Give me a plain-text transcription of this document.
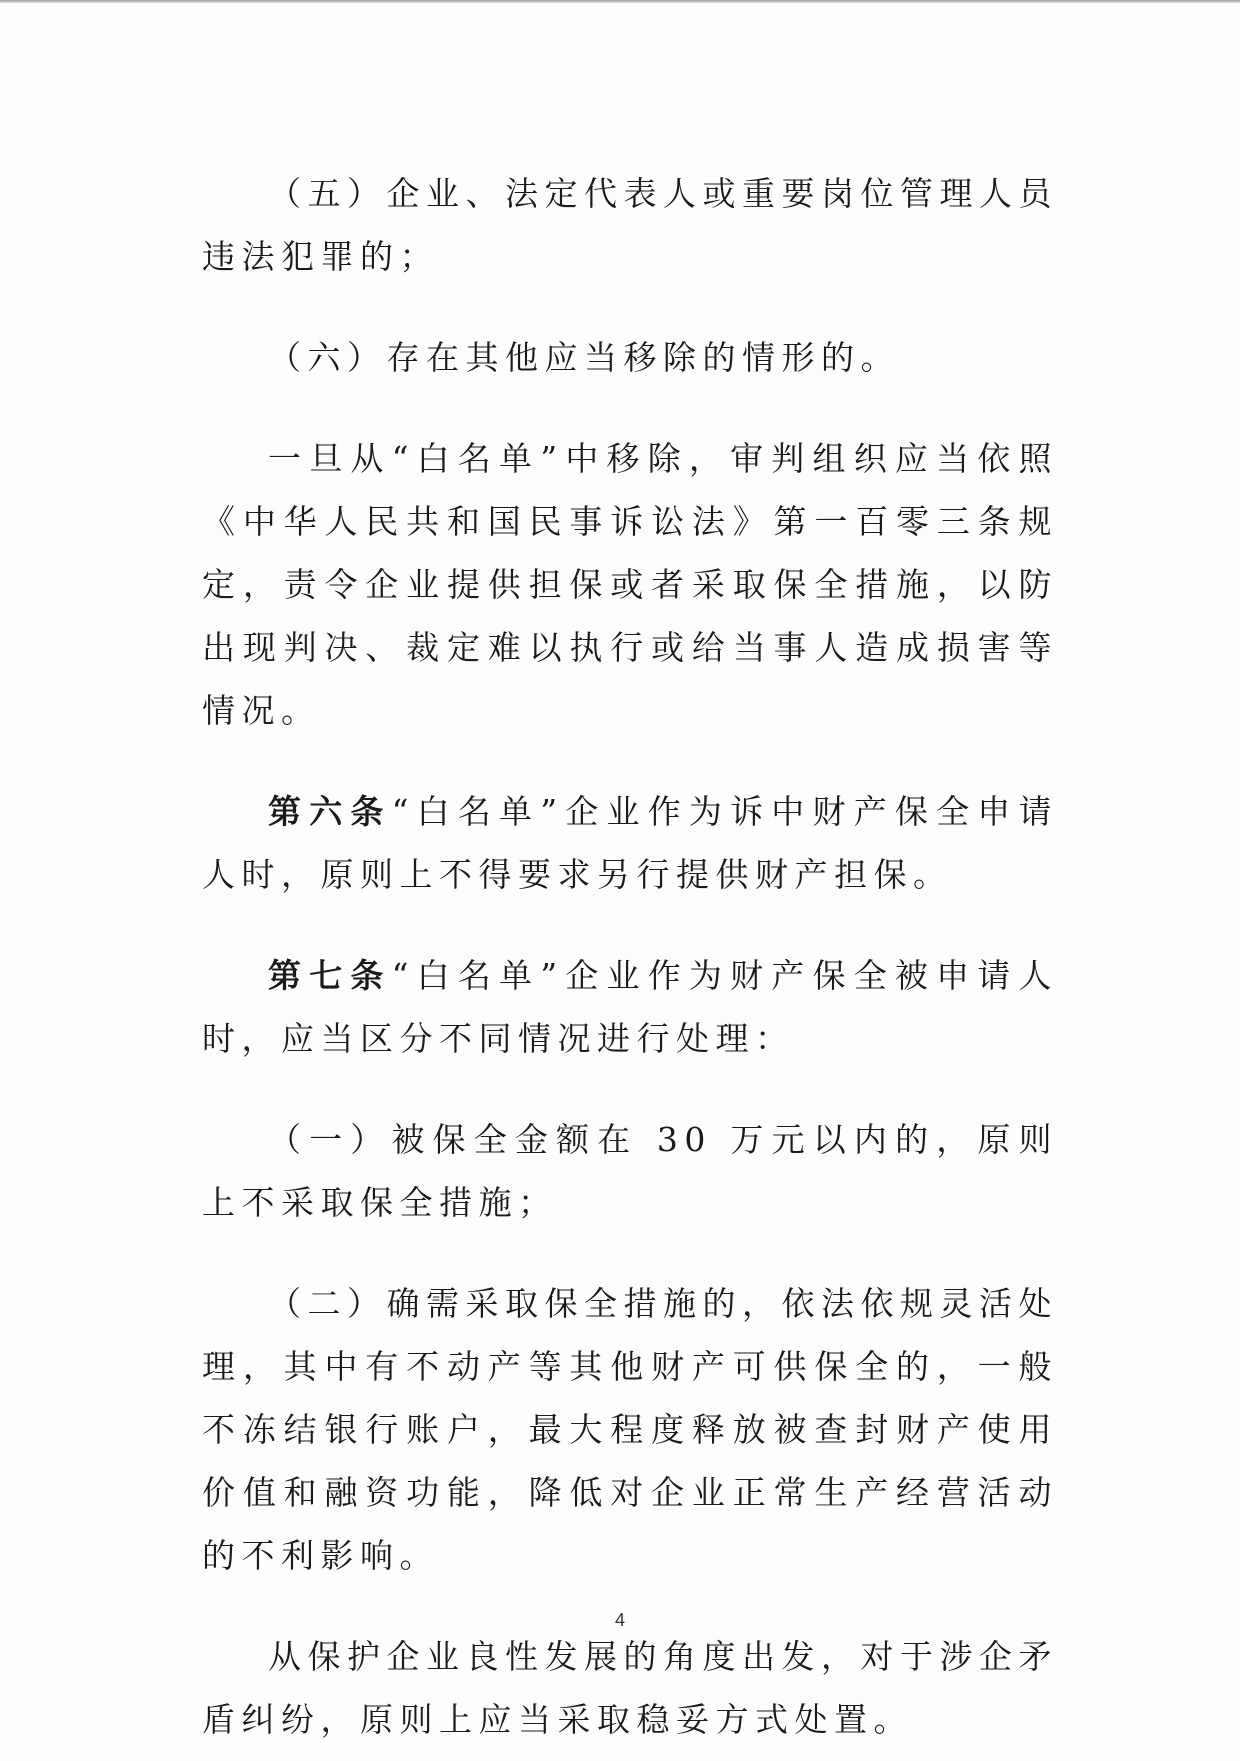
（五）企业、法定代表人或重要岗位管理人员违法犯罪的；

（六）存在其他应当移除的情形的。

一旦从“白名单”中移除，审判组织应当依照《中华人民共和国民事诉讼法》第一百零三条规定，责令企业提供担保或者采取保全措施，以防出现判决、裁定难以执行或给当事人造成损害等情况。

第六条“白名单”企业作为诉中财产保全申请人时，原则上不得要求另行提供财产担保。

第七条“白名单”企业作为财产保全被申请人时，应当区分不同情况进行处理：

（一）被保全金额在 30 万元以内的，原则上不采取保全措施；

（二）确需采取保全措施的，依法依规灵活处理，其中有不动产等其他财产可供保全的，一般不冻结银行账户，最大程度释放被查封财产使用价值和融资功能，降低对企业正常生产经营活动的不利影响。

从保护企业良性发展的角度出发，对于涉企矛盾纠纷，原则上应当采取稳妥方式处置。

4
